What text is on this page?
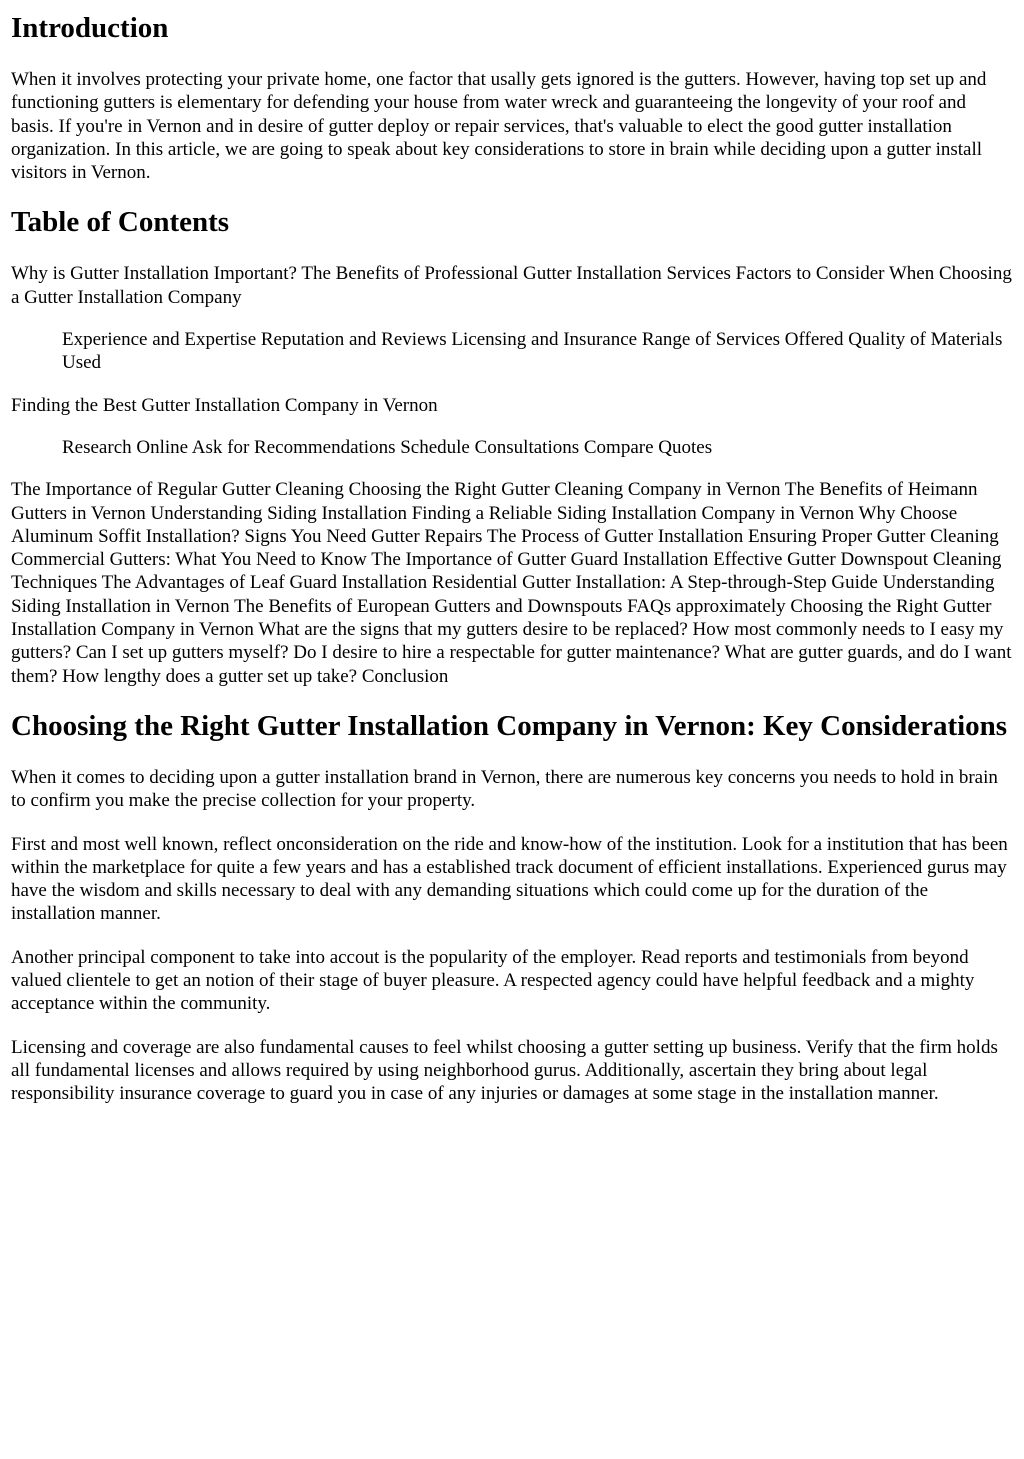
Introduction

When it involves protecting your private home, one factor that usally gets ignored is the gutters. However, having top set up and functioning gutters is elementary for defending your house from water wreck and guaranteeing the longevity of your roof and basis. If you're in Vernon and in desire of gutter deploy or repair services, that's valuable to elect the good gutter installation organization. In this article, we are going to speak about key considerations to store in brain while deciding upon a gutter install visitors in Vernon.

Table of Contents

Why is Gutter Installation Important? The Benefits of Professional Gutter Installation Services Factors to Consider When Choosing a Gutter Installation Company

Experience and Expertise Reputation and Reviews Licensing and Insurance Range of Services Offered Quality of Materials Used

Finding the Best Gutter Installation Company in Vernon

Research Online Ask for Recommendations Schedule Consultations Compare Quotes

The Importance of Regular Gutter Cleaning Choosing the Right Gutter Cleaning Company in Vernon The Benefits of Heimann Gutters in Vernon Understanding Siding Installation Finding a Reliable Siding Installation Company in Vernon Why Choose Aluminum Soffit Installation? Signs You Need Gutter Repairs The Process of Gutter Installation Ensuring Proper Gutter Cleaning Commercial Gutters: What You Need to Know The Importance of Gutter Guard Installation Effective Gutter Downspout Cleaning Techniques The Advantages of Leaf Guard Installation Residential Gutter Installation: A Step-through-Step Guide Understanding Siding Installation in Vernon The Benefits of European Gutters and Downspouts FAQs approximately Choosing the Right Gutter Installation Company in Vernon What are the signs that my gutters desire to be replaced? How most commonly needs to I easy my gutters? Can I set up gutters myself? Do I desire to hire a respectable for gutter maintenance? What are gutter guards, and do I want them? How lengthy does a gutter set up take? Conclusion

Choosing the Right Gutter Installation Company in Vernon: Key Considerations

When it comes to deciding upon a gutter installation brand in Vernon, there are numerous key concerns you needs to hold in brain to confirm you make the precise collection for your property.

First and most well known, reflect onconsideration on the ride and know-how of the institution. Look for a institution that has been within the marketplace for quite a few years and has a established track document of efficient installations. Experienced gurus may have the wisdom and skills necessary to deal with any demanding situations which could come up for the duration of the installation manner.

Another principal component to take into accout is the popularity of the employer. Read reports and testimonials from beyond valued clientele to get an notion of their stage of buyer pleasure. A respected agency could have helpful feedback and a mighty acceptance within the community.

Licensing and coverage are also fundamental causes to feel whilst choosing a gutter setting up business. Verify that the firm holds all fundamental licenses and allows required by using neighborhood gurus. Additionally, ascertain they bring about legal responsibility insurance coverage to guard you in case of any injuries or damages at some stage in the installation manner.
